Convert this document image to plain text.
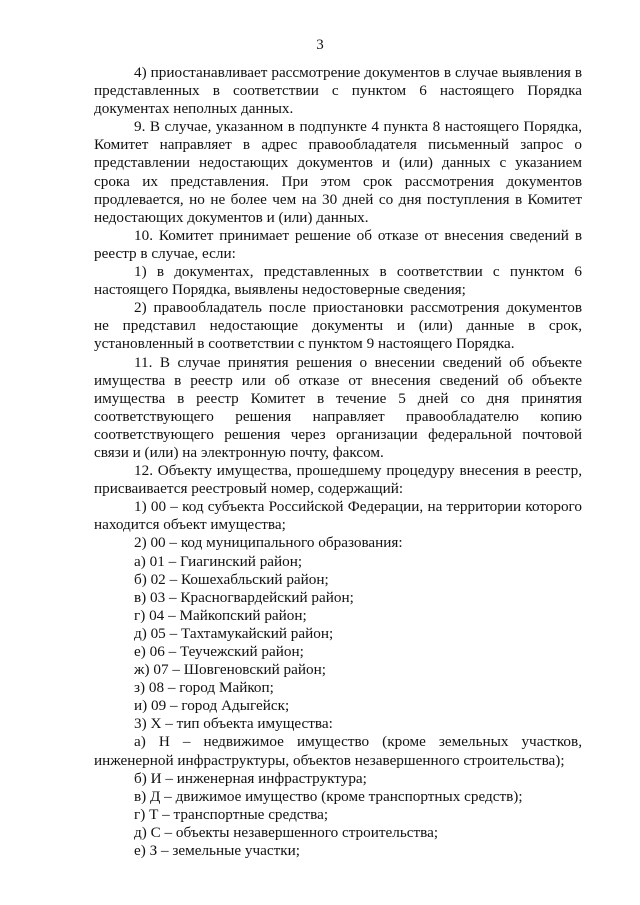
3

4) приостанавливает рассмотрение документов в случае выявления в представленных в соответствии с пунктом 6 настоящего Порядка документах неполных данных.

9. В случае, указанном в подпункте 4 пункта 8 настоящего Порядка, Комитет направляет в адрес правообладателя письменный запрос о представлении недостающих документов и (или) данных с указанием срока их представления. При этом срок рассмотрения документов продлевается, но не более чем на 30 дней со дня поступления в Комитет недостающих документов и (или) данных.

10. Комитет принимает решение об отказе от внесения сведений в реестр в случае, если:

1) в документах, представленных в соответствии с пунктом 6 настоящего Порядка, выявлены недостоверные сведения;

2) правообладатель после приостановки рассмотрения документов не представил недостающие документы и (или) данные в срок, установленный в соответствии с пунктом 9 настоящего Порядка.

11. В случае принятия решения о внесении сведений об объекте имущества в реестр или об отказе от внесения сведений об объекте имущества в реестр Комитет в течение 5 дней со дня принятия соответствующего решения направляет правообладателю копию соответствующего решения через организации федеральной почтовой связи и (или) на электронную почту, факсом.

12. Объекту имущества, прошедшему процедуру внесения в реестр, присваивается реестровый номер, содержащий:

1) 00 – код субъекта Российской Федерации, на территории которого находится объект имущества;

2) 00 – код муниципального образования:

а) 01 – Гиагинский район;

б) 02 – Кошехабльский район;

в) 03 – Красногвардейский район;

г) 04 – Майкопский район;

д) 05 – Тахтамукайский район;

е) 06 – Теучежский район;

ж) 07 – Шовгеновский район;

з) 08 – город Майкоп;

и) 09 – город Адыгейск;

3) Х – тип объекта имущества:

а) Н – недвижимое имущество (кроме земельных участков, инженерной инфраструктуры, объектов незавершенного строительства);

б) И – инженерная инфраструктура;

в) Д – движимое имущество (кроме транспортных средств);

г) Т – транспортные средства;

д) С – объекты незавершенного строительства;

е) З – земельные участки;
